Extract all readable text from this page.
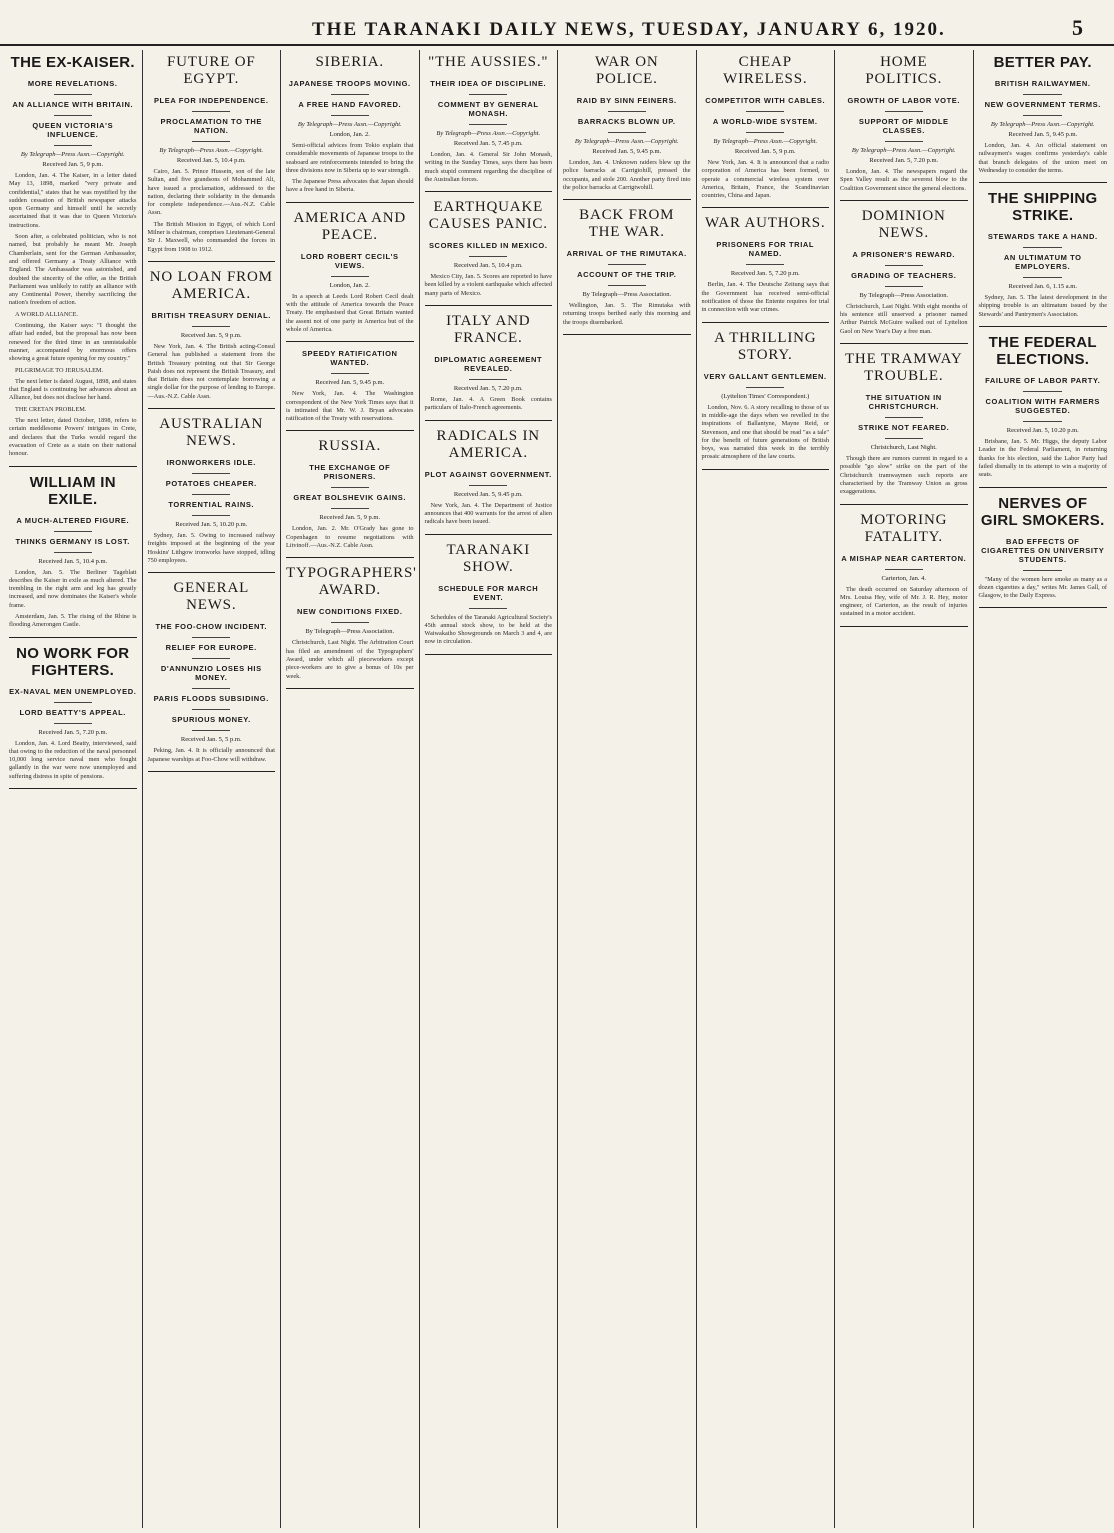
THE TARANAKI DAILY NEWS, TUESDAY, JANUARY 6, 1920.	5
THE EX-KAISER.
MORE REVELATIONS.
AN ALLIANCE WITH BRITAIN.
QUEEN VICTORIA'S INFLUENCE.
By Telegraph—Press Assn.—Copyright.
Received Jan. 5, 9 p.m.

London, Jan. 4. The Kaiser, in a letter dated May 13, 1898, marked "very private and confidential," states that he was mystified by the sudden cessation of British newspaper attacks upon Germany and himself until he secretly ascertained that it was due to Queen Victoria's instructions.

Soon after, a celebrated politician, who is not named, but probably he meant Mr. Joseph Chamberlain, sent for the German Ambassador, and offered Germany a Treaty Alliance with England. The Ambassador was astonished, and doubted the sincerity of the offer, as the British Parliament was unlikely to ratify an alliance with any Continental Power, thereby sacrificing the nation's freedom of action.

A WORLD ALLIANCE.

Continuing, the Kaiser says: "I thought the affair had ended, but the proposal has now been renewed for the third time in an unmistakable manner, accompanied by enormous offers showing a great future opening for my country."

PILGRIMAGE TO JERUSALEM.

The next letter is dated August, 1898, and states that England is continuing her advances about an Alliance, but does not disclose her hand.

THE CRETAN PROBLEM.

The next letter, dated October, 1898, refers to certain meddlesome Powers' intrigues in Crete, and declares that the Turks would regard the evacuation of Crete as a stain on their national honour.

WILLIAM IN EXILE.
A MUCH-ALTERED FIGURE.
THINKS GERMANY IS LOST.
Received Jan. 5, 10.4 p.m.

London, Jan. 5. The Berliner Tageblatt describes the Kaiser in exile as much altered. The trembling in the right arm and leg has greatly increased, and now dominates the Kaiser's whole frame.

Amsterdam, Jan. 5. The rising of the Rhine is flooding Amerongen Castle.

NO WORK FOR FIGHTERS.
EX-NAVAL MEN UNEMPLOYED.
LORD BEATTY'S APPEAL.
Received Jan. 5, 7.20 p.m.

London, Jan. 4. Lord Beatty, interviewed, said that owing to the reduction of the naval personnel 10,000 long service naval men who fought gallantly in the war were now unemployed and suffering distress in spite of pensions.

FUTURE OF EGYPT.
PLEA FOR INDEPENDENCE.
PROCLAMATION TO THE NATION.
By Telegraph—Press Assn.—Copyright.
Received Jan. 5, 10.4 p.m.

Cairo, Jan. 5. Prince Hussein, son of the late Sultan, and five grandsons of Mohammed Ali, have issued a proclamation, addressed to the nation, declaring their solidarity in the demands for complete independence.—Aus.-N.Z. Cable Assn.

The British Mission in Egypt, of which Lord Milner is chairman, comprises Lieutenant-General Sir J. Maxwell, who commanded the forces in Egypt from 1908 to 1912.

NO LOAN FROM AMERICA.
BRITISH TREASURY DENIAL.
Received Jan. 5, 9 p.m.

New York, Jan. 4. The British acting-Consul General has published a statement from the British Treasury pointing out that Sir George Paish does not represent the British Treasury, and that Britain does not contemplate borrowing a single dollar for the purpose of lending to Europe.—Aus.-N.Z. Cable Assn.

AUSTRALIAN NEWS.
IRONWORKERS IDLE.
POTATOES CHEAPER.
TORRENTIAL RAINS.
Received Jan. 5, 10.20 p.m.

Sydney, Jan. 5. Owing to increased railway freights imposed at the beginning of the year Hoskins' Lithgow ironworks have stopped, idling 750 employees.

GENERAL NEWS.
THE FOO-CHOW INCIDENT.
RELIEF FOR EUROPE.
D'ANNUNZIO LOSES HIS MONEY.
PARIS FLOODS SUBSIDING.
SPURIOUS MONEY.
Received Jan. 5, 5 p.m.

Peking, Jan. 4. It is officially announced that Japanese warships at Foo-Chow will withdraw.

SIBERIA.
JAPANESE TROOPS MOVING.
A FREE HAND FAVORED.
By Telegraph—Press Assn.—Copyright.
London, Jan. 2.

Semi-official advices from Tokio explain that considerable movements of Japanese troops to the seaboard are reinforcements intended to bring the three divisions now in Siberia up to war strength.

The Japanese Press advocates that Japan should have a free hand in Siberia.

AMERICA AND PEACE.
LORD ROBERT CECIL'S VIEWS.
London, Jan. 2.

In a speech at Leeds Lord Robert Cecil dealt with the attitude of America towards the Peace Treaty. He emphasised that Great Britain wanted the assent not of one party in America but of the whole of America.

SPEEDY RATIFICATION WANTED.
Received Jan. 5, 9.45 p.m.

New York, Jan. 4. The Washington correspondent of the New York Times says that it is intimated that Mr. W. J. Bryan advocates ratification of the Treaty with reservations.

RUSSIA.
THE EXCHANGE OF PRISONERS.
GREAT BOLSHEVIK GAINS.
Received Jan. 5, 9 p.m.

London, Jan. 2. Mr. O'Grady has gone to Copenhagen to resume negotiations with Litvinoff.—Aus.-N.Z. Cable Assn.

TYPOGRAPHERS' AWARD.
NEW CONDITIONS FIXED.
By Telegraph—Press Association.

Christchurch, Last Night. The Arbitration Court has filed an amendment of the Typographers' Award, under which all pieceworkers except piece-workers are to give a bonus of 10s per week.

"THE AUSSIES."
THEIR IDEA OF DISCIPLINE.
COMMENT BY GENERAL MONASH.
By Telegraph—Press Assn.—Copyright.
Received Jan. 5, 7.45 p.m.

London, Jan. 4. General Sir John Monash, writing in the Sunday Times, says there has been much stupid comment regarding the discipline of the Australian forces.

EARTHQUAKE CAUSES PANIC.
SCORES KILLED IN MEXICO.
Received Jan. 5, 10.4 p.m.

Mexico City, Jan. 5. Scores are reported to have been killed by a violent earthquake which affected many parts of Mexico.

ITALY AND FRANCE.
DIPLOMATIC AGREEMENT REVEALED.
Received Jan. 5, 7.20 p.m.

Rome, Jan. 4. A Green Book contains particulars of Italo-French agreements.

RADICALS IN AMERICA.
PLOT AGAINST GOVERNMENT.
Received Jan. 5, 9.45 p.m.

New York, Jan. 4. The Department of Justice announces that 400 warrants for the arrest of alien radicals have been issued.

TARANAKI SHOW.
SCHEDULE FOR MARCH EVENT.

Schedules of the Taranaki Agricultural Society's 45th annual stock show, to be held at the Waiwakaiho Showgrounds on March 3 and 4, are now in circulation.

WAR ON POLICE.
RAID BY SINN FEINERS.
BARRACKS BLOWN UP.
By Telegraph—Press Assn.—Copyright.
Received Jan. 5, 9.45 p.m.

London, Jan. 4. Unknown raiders blew up the police barracks at Carrigtohill, pressed the occupants, and stole 200. Another party fired into the police barracks at Carrigtwohill.

BACK FROM THE WAR.
ARRIVAL OF THE RIMUTAKA.
ACCOUNT OF THE TRIP.
By Telegraph—Press Association.

Wellington, Jan. 5. The Rimutaka with returning troops berthed early this morning and the troops disembarked.

CHEAP WIRELESS.
COMPETITOR WITH CABLES.
A WORLD-WIDE SYSTEM.
By Telegraph—Press Assn.—Copyright.
Received Jan. 5, 9 p.m.

New York, Jan. 4. It is announced that a radio corporation of America has been formed, to operate a commercial wireless system over America, Britain, France, the Scandinavian countries, China and Japan.

WAR AUTHORS.
PRISONERS FOR TRIAL NAMED.
Received Jan. 5, 7.20 p.m.

Berlin, Jan. 4. The Deutsche Zeitung says that the Government has received semi-official notification of those the Entente requires for trial in connection with war crimes.

A THRILLING STORY.
VERY GALLANT GENTLEMEN.
(Lyttelton Times' Correspondent.)

London, Nov. 6. A story recalling to those of us in middle-age the days when we revelled in the inspirations of Ballantyne, Mayne Reid, or Stevenson, and one that should be read "as a tale" for the benefit of future generations of British boys, was narrated this week in the terribly prosaic atmosphere of the law courts.

HOME POLITICS.
GROWTH OF LABOR VOTE.
SUPPORT OF MIDDLE CLASSES.
By Telegraph—Press Assn.—Copyright.
Received Jan. 5, 7.20 p.m.

London, Jan. 4. The newspapers regard the Spen Valley result as the severest blow to the Coalition Government since the general elections.

DOMINION NEWS.
A PRISONER'S REWARD.
GRADING OF TEACHERS.
By Telegraph—Press Association.

Christchurch, Last Night. With eight months of his sentence still unserved a prisoner named Arthur Patrick McGuire walked out of Lyttelton Gaol on New Year's Day a free man.

THE TRAMWAY TROUBLE.
THE SITUATION IN CHRISTCHURCH.
STRIKE NOT FEARED.
Christchurch, Last Night.

Though there are rumors current in regard to a possible "go slow" strike on the part of the Christchurch tramwaymen such reports are characterised by the Tramway Union as gross exaggerations.

MOTORING FATALITY.
A MISHAP NEAR CARTERTON.
Carterton, Jan. 4.

The death occurred on Saturday afternoon of Mrs. Louisa Hey, wife of Mr. J. R. Hey, motor engineer, of Carterton, as the result of injuries sustained in a motor accident.

BETTER PAY.
BRITISH RAILWAYMEN.
NEW GOVERNMENT TERMS.
By Telegraph—Press Assn.—Copyright.
Received Jan. 5, 9.45 p.m.

London, Jan. 4. An official statement on railwaymen's wages confirms yesterday's cable that branch delegates of the union meet on Wednesday to consider the terms.

THE SHIPPING STRIKE.
STEWARDS TAKE A HAND.
AN ULTIMATUM TO EMPLOYERS.
Received Jan. 6, 1.15 a.m.

Sydney, Jan. 5. The latest development in the shipping trouble is an ultimatum issued by the Stewards' and Pantrymen's Association.

THE FEDERAL ELECTIONS.
FAILURE OF LABOR PARTY.
COALITION WITH FARMERS SUGGESTED.
Received Jan. 5, 10.20 p.m.

Brisbane, Jan. 5. Mr. Higgs, the deputy Labor Leader in the Federal Parliament, in returning thanks for his election, said the Labor Party had failed dismally in its attempt to win a majority of seats.

NERVES OF GIRL SMOKERS.
BAD EFFECTS OF CIGARETTES ON UNIVERSITY STUDENTS.

"Many of the women here smoke as many as a dozen cigarettes a day," writes Mr. James Gall, of Glasgow, to the Daily Express.
